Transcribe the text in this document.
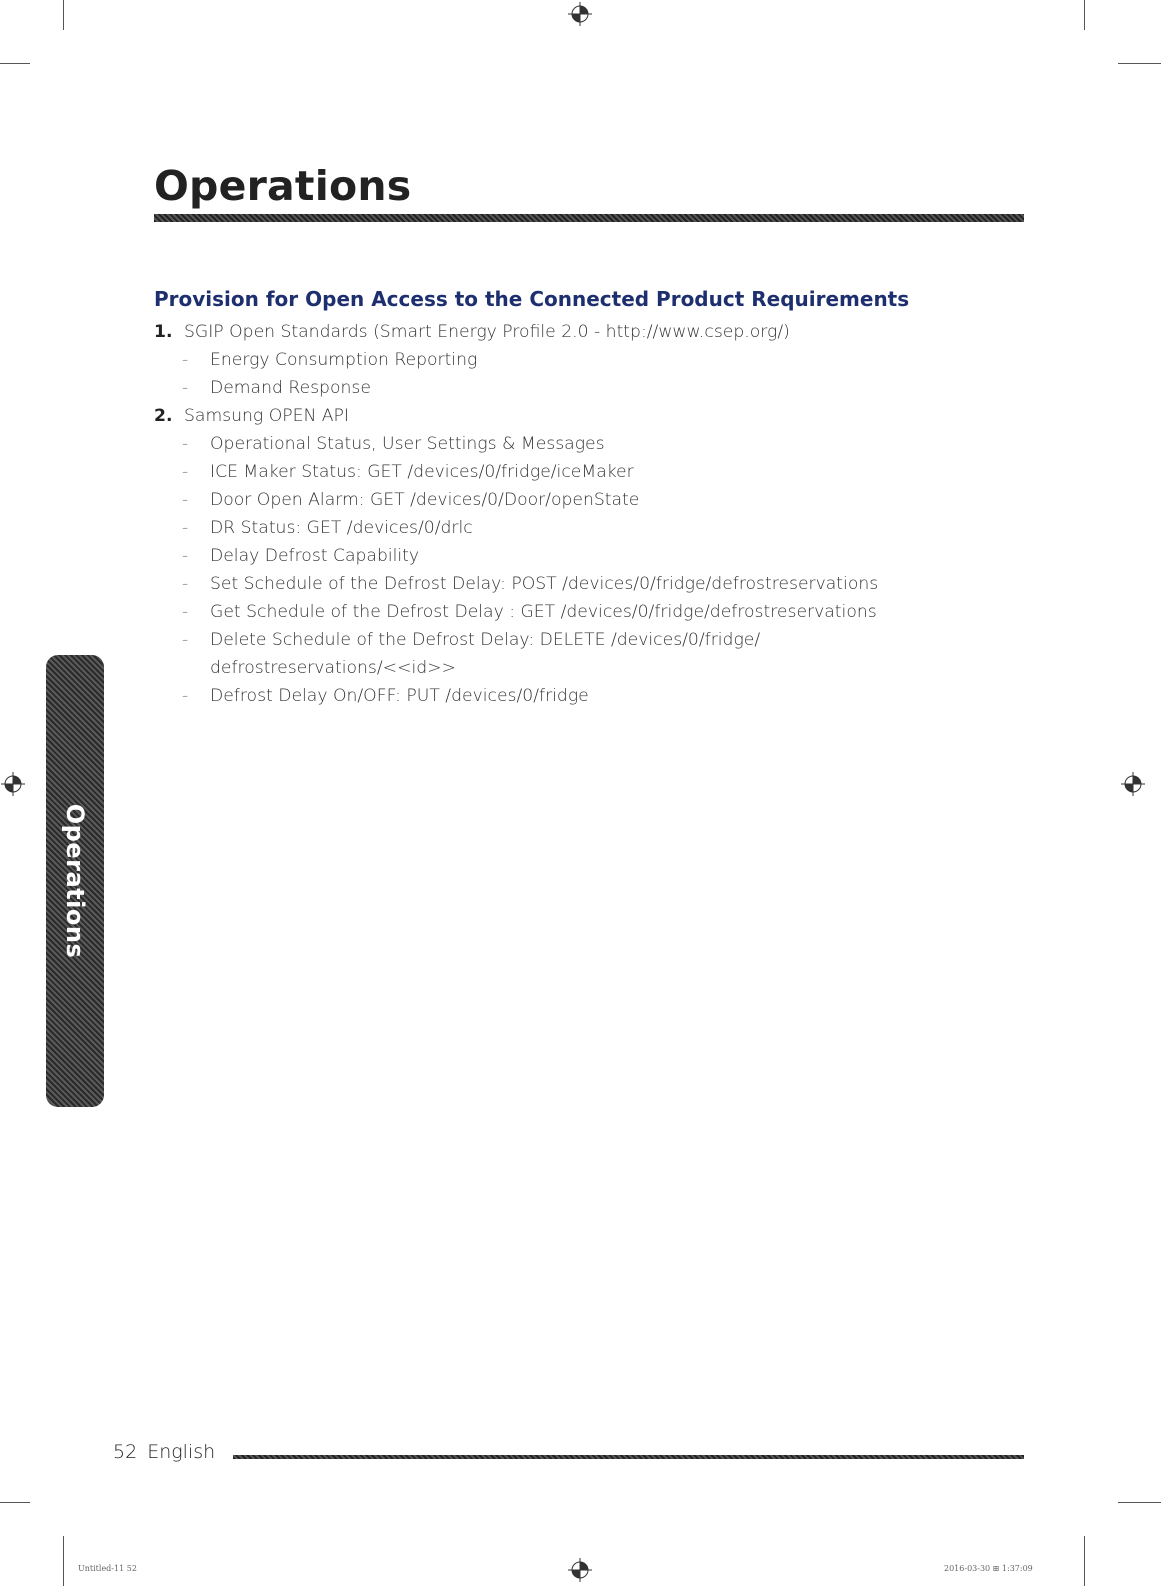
Operations
Provision for Open Access to the Connected Product Requirements
1. SGIP Open Standards (Smart Energy Profile 2.0 - http://www.csep.org/)
- Energy Consumption Reporting
- Demand Response
2. Samsung OPEN API
- Operational Status, User Settings & Messages
- ICE Maker Status: GET /devices/0/fridge/iceMaker
- Door Open Alarm: GET /devices/0/Door/openState
- DR Status: GET /devices/0/drlc
- Delay Defrost Capability
- Set Schedule of the Defrost Delay: POST /devices/0/fridge/defrostreservations
- Get Schedule of the Defrost Delay : GET /devices/0/fridge/defrostreservations
- Delete Schedule of the Defrost Delay: DELETE /devices/0/fridge/
defrostreservations/<<id>>
- Defrost Delay On/OFF: PUT /devices/0/fridge
Operations
52 English
Untitled-11 52	2016-03-30 ⊞ 1:37:09
